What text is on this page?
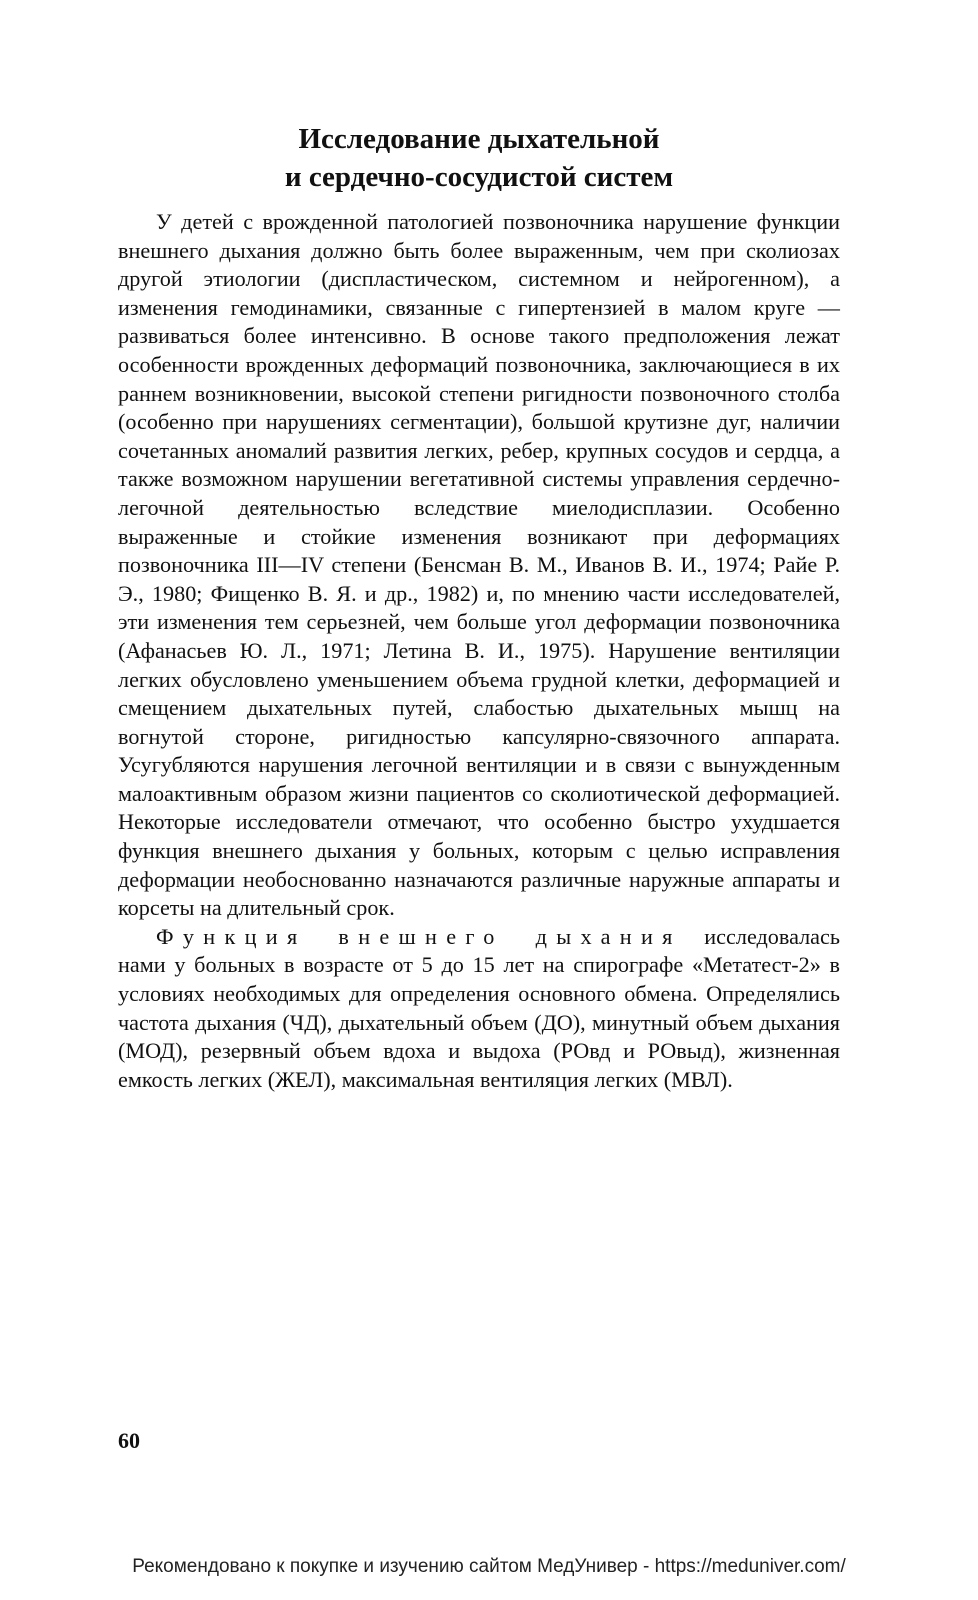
Исследование дыхательной
и сердечно-сосудистой систем

У детей с врожденной патологией позвоночника нарушение функции внешнего дыхания должно быть более выраженным, чем при сколиозах другой этиологии (диспластическом, системном и нейрогенном), а изменения гемодинамики, связанные с гипертензией в малом круге — развиваться более интенсивно. В основе такого предположения лежат особенности врожденных деформаций позвоночника, заключающиеся в их раннем возникновении, высокой степени ригидности позвоночного столба (особенно при нарушениях сегментации), большой крутизне дуг, наличии сочетанных аномалий развития легких, ребер, крупных сосудов и сердца, а также возможном нарушении вегетативной системы управления сердечно-легочной деятельностью вследствие миелодисплазии. Особенно выраженные и стойкие изменения возникают при деформациях позвоночника III—IV степени (Бенсман В. М., Иванов В. И., 1974; Райе Р. Э., 1980; Фищенко В. Я. и др., 1982) и, по мнению части исследователей, эти изменения тем серьезней, чем больше угол деформации позвоночника (Афанасьев Ю. Л., 1971; Летина В. И., 1975). Нарушение вентиляции легких обусловлено уменьшением объема грудной клетки, деформацией и смещением дыхательных путей, слабостью дыхательных мышц на вогнутой стороне, ригидностью капсулярно-связочного аппарата. Усугубляются нарушения легочной вентиляции и в связи с вынужденным малоактивным образом жизни пациентов со сколиотической деформацией. Некоторые исследователи отмечают, что особенно быстро ухудшается функция внешнего дыхания у больных, которым с целью исправления деформации необоснованно назначаются различные наружные аппараты и корсеты на длительный срок.

Функция внешнего дыхания исследовалась нами у больных в возрасте от 5 до 15 лет на спирографе «Метатест-2» в условиях необходимых для определения основного обмена. Определялись частота дыхания (ЧД), дыхательный объем (ДО), минутный объем дыхания (МОД), резервный объем вдоха и выдоха (РОвд и РОвыд), жизненная емкость легких (ЖЕЛ), максимальная вентиляция легких (МВЛ).

60
Рекомендовано к покупке и изучению сайтом МедУнивер - https://meduniver.com/
